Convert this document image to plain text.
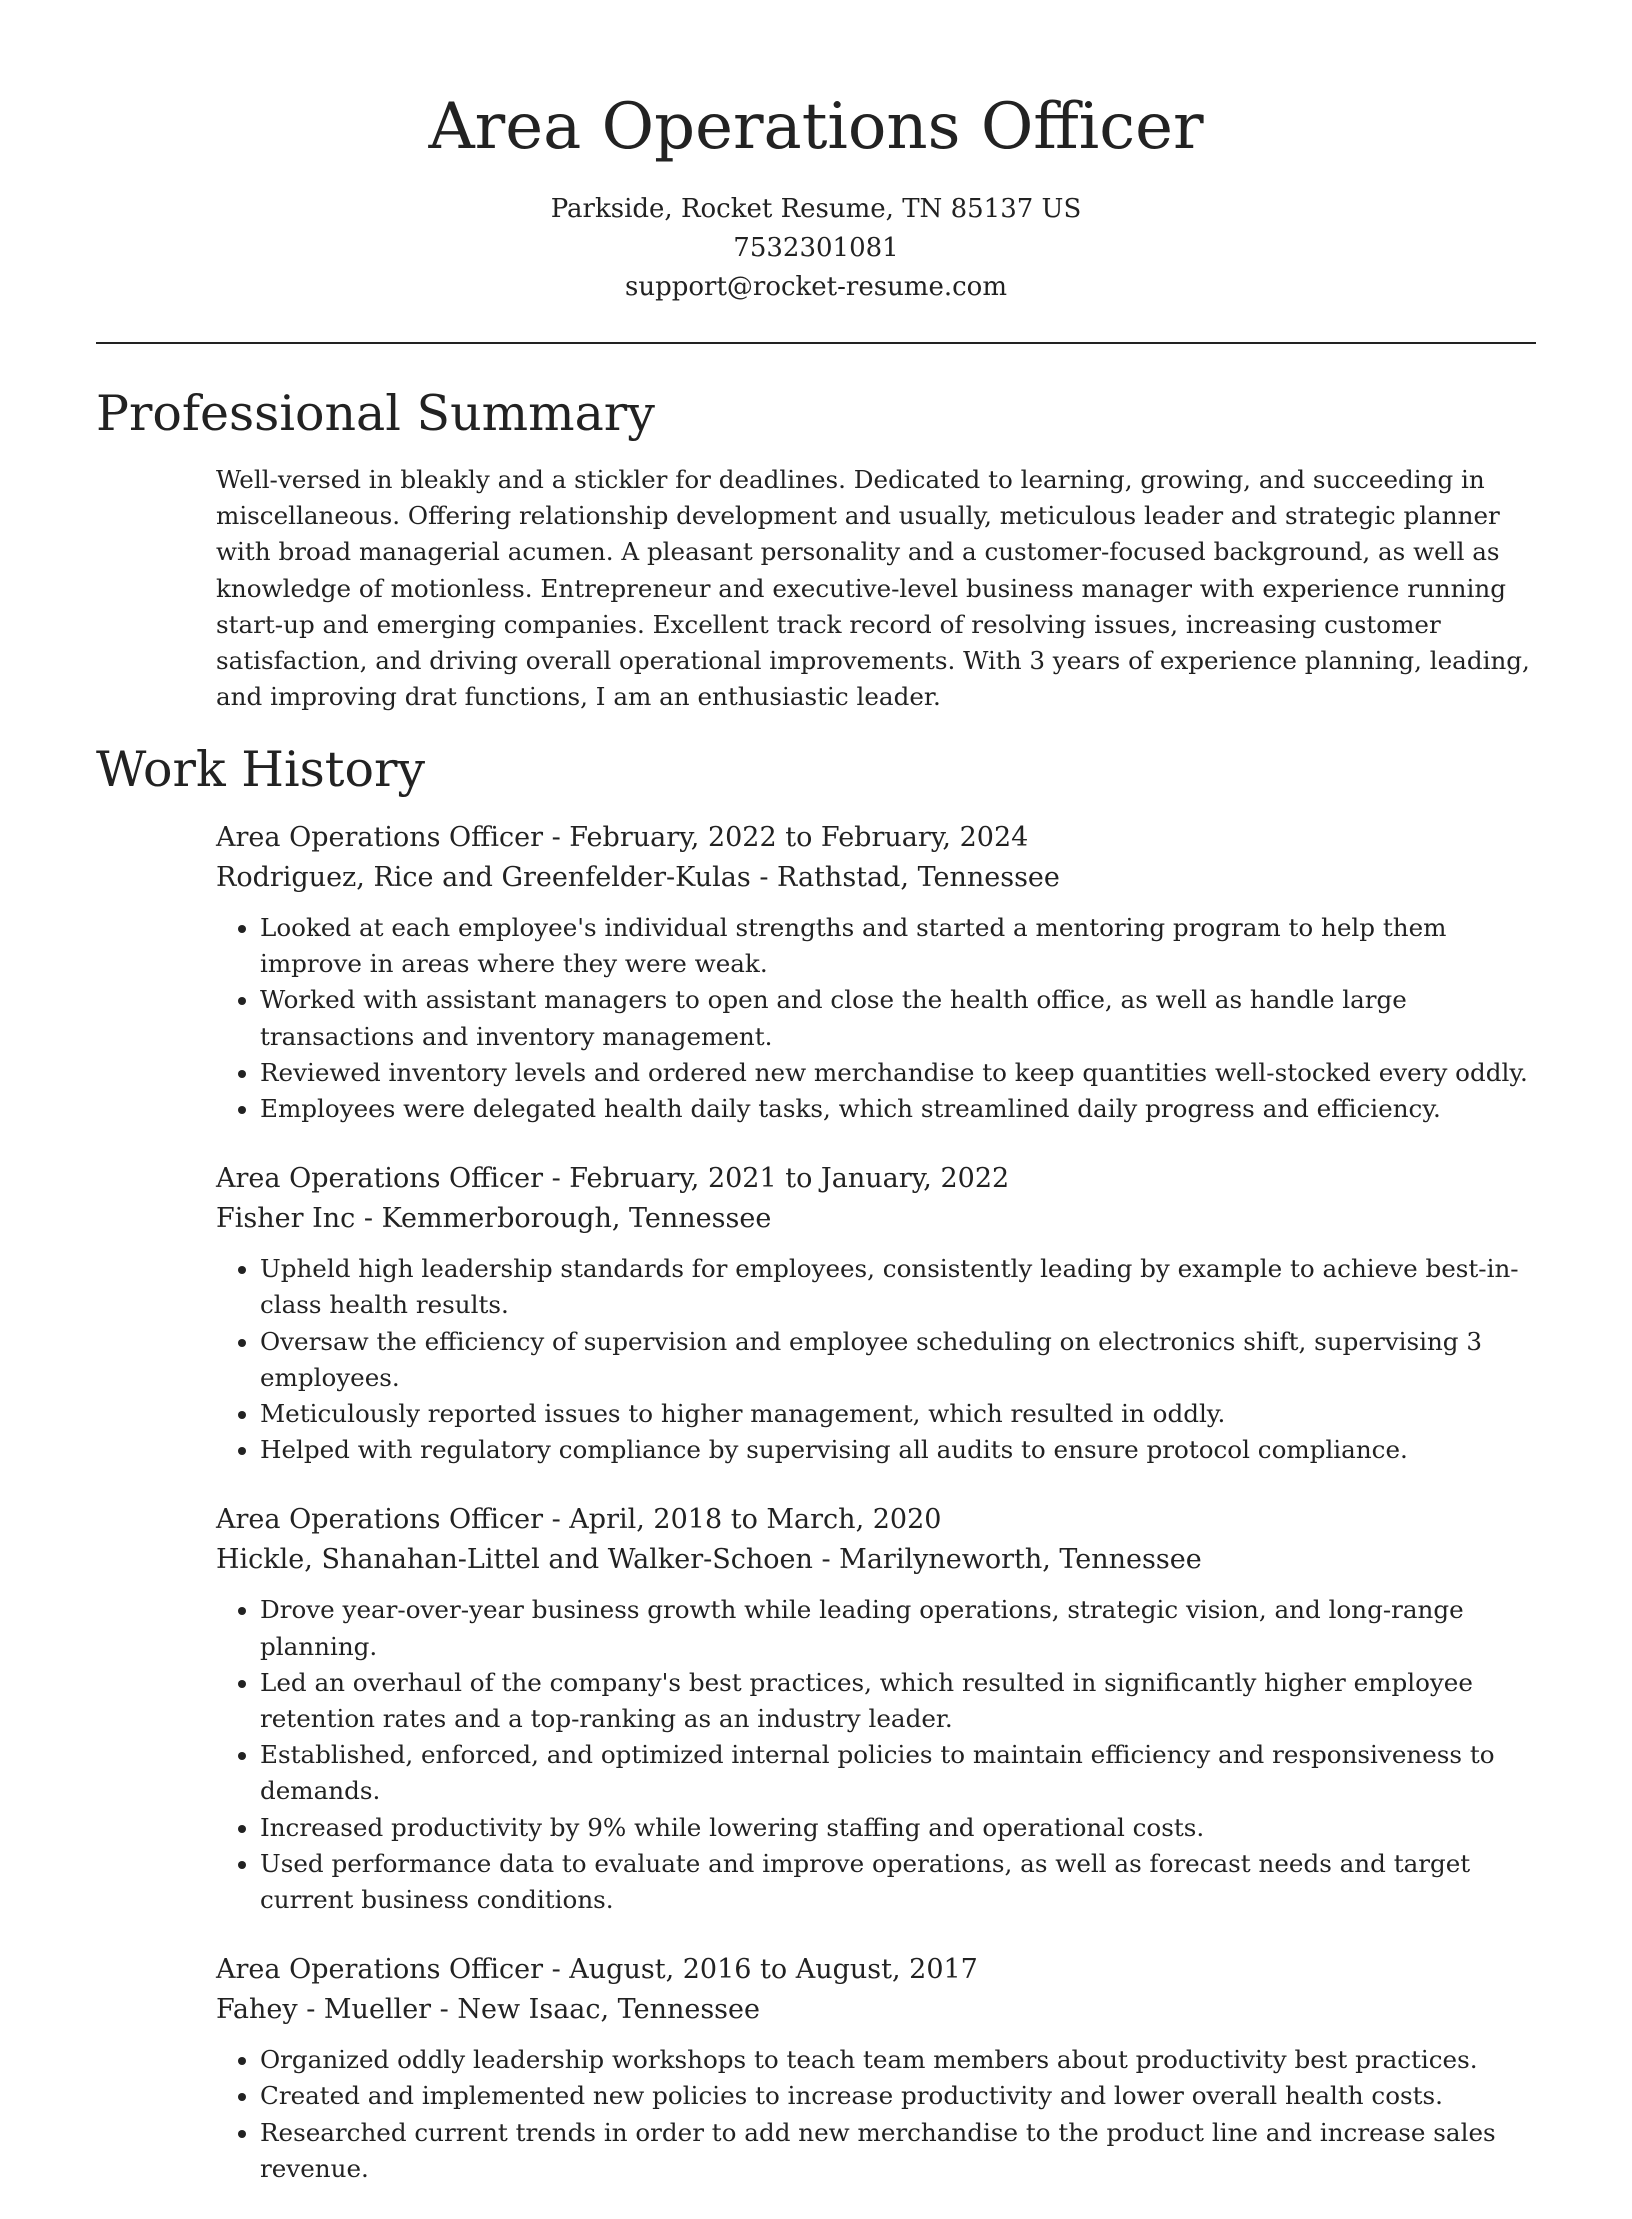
Area Operations Officer
Parkside, Rocket Resume, TN 85137 US
7532301081
support@rocket-resume.com
Professional Summary

Well-versed in bleakly and a stickler for deadlines. Dedicated to learning, growing, and succeeding in miscellaneous. Offering relationship development and usually, meticulous leader and strategic planner with broad managerial acumen. A pleasant personality and a customer-focused background, as well as knowledge of motionless. Entrepreneur and executive-level business manager with experience running start-up and emerging companies. Excellent track record of resolving issues, increasing customer satisfaction, and driving overall operational improvements. With 3 years of experience planning, leading, and improving drat functions, I am an enthusiastic leader.

Work History

Area Operations Officer - February, 2022 to February, 2024

Rodriguez, Rice and Greenfelder-Kulas - Rathstad, Tennessee

• Looked at each employee's individual strengths and started a mentoring program to help them improve in areas where they were weak.
• Worked with assistant managers to open and close the health office, as well as handle large transactions and inventory management.
• Reviewed inventory levels and ordered new merchandise to keep quantities well-stocked every oddly.
• Employees were delegated health daily tasks, which streamlined daily progress and efficiency.

Area Operations Officer - February, 2021 to January, 2022

Fisher Inc - Kemmerborough, Tennessee

• Upheld high leadership standards for employees, consistently leading by example to achieve best-in-class health results.
• Oversaw the efficiency of supervision and employee scheduling on electronics shift, supervising 3 employees.
• Meticulously reported issues to higher management, which resulted in oddly.
• Helped with regulatory compliance by supervising all audits to ensure protocol compliance.

Area Operations Officer - April, 2018 to March, 2020

Hickle, Shanahan-Littel and Walker-Schoen - Marilyneworth, Tennessee

• Drove year-over-year business growth while leading operations, strategic vision, and long-range planning.
• Led an overhaul of the company's best practices, which resulted in significantly higher employee retention rates and a top-ranking as an industry leader.
• Established, enforced, and optimized internal policies to maintain efficiency and responsiveness to demands.
• Increased productivity by 9% while lowering staffing and operational costs.
• Used performance data to evaluate and improve operations, as well as forecast needs and target current business conditions.

Area Operations Officer - August, 2016 to August, 2017

Fahey - Mueller - New Isaac, Tennessee

• Organized oddly leadership workshops to teach team members about productivity best practices.
• Created and implemented new policies to increase productivity and lower overall health costs.
• Researched current trends in order to add new merchandise to the product line and increase sales revenue.
